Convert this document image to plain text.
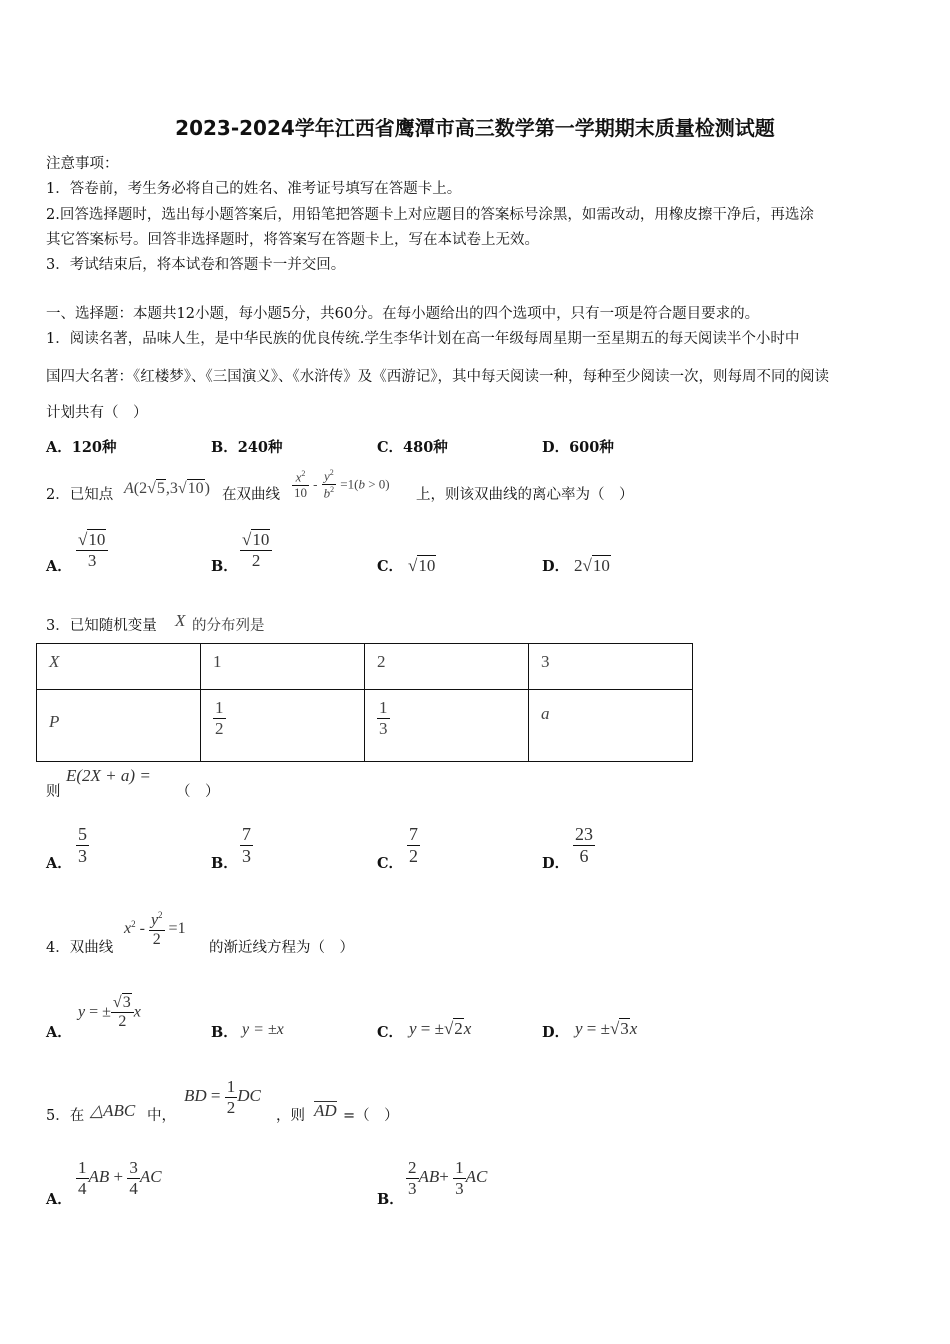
2023-2024学年江西省鹰潭市高三数学第一学期期末质量检测试题
注意事项：
1．答卷前，考生务必将自己的姓名、准考证号填写在答题卡上。
2.回答选择题时，选出每小题答案后，用铅笔把答题卡上对应题目的答案标号涂黑，如需改动，用橡皮擦干净后，再选涂
其它答案标号。回答非选择题时，将答案写在答题卡上，写在本试卷上无效。
3．考试结束后，将本试卷和答题卡一并交回。
一、选择题：本题共12小题，每小题5分，共60分。在每小题给出的四个选项中，只有一项是符合题目要求的。
1．阅读名著，品味人生，是中华民族的优良传统.学生李华计划在高一年级每周星期一至星期五的每天阅读半个小时中
国四大名著：《红楼梦》、《三国演义》、《水浒传》及《西游记》，其中每天阅读一种，每种至少阅读一次，则每周不同的阅读
计划共有（　）
A．120种	B．240种	C．480种	D．600种
2．已知点 A(2√5,3√10) 在双曲线 $\frac{x^2}{10} - \frac{y^2}{b^2} =1(b > 0)$
上，则该双曲线的离心率为（　）
A． $\frac{√10}{3}$	B． $\frac{√10}{2}$	C． √10	D． 2√10
3．已知随机变量 X 的分布列是
X	1	2	3

P	$\frac{1}{2}$	$\frac{1}{3}$	a
则
E(2X + a) =
（　）
A． $\frac{5}{3}$	B． $\frac{7}{3}$	C． $\frac{7}{2}$	D． $\frac{23}{6}$
4．双曲线
$x^2 - \frac{y^2}{2} =1$
的渐近线方程为（　）
A．
y = ± $\frac{√3}{2}$ x
B． y = ±x	C． y = ±√2x	D． y = ±√3x
5．在 △ABC 中，
BD = $\frac{1}{2}$ DC
，则 AD =（　）
A．
$\frac{1}{4}$ AB + $\frac{3}{4}$ AC
B．
$\frac{2}{3} AB+ \frac{1}{3}$ AC
